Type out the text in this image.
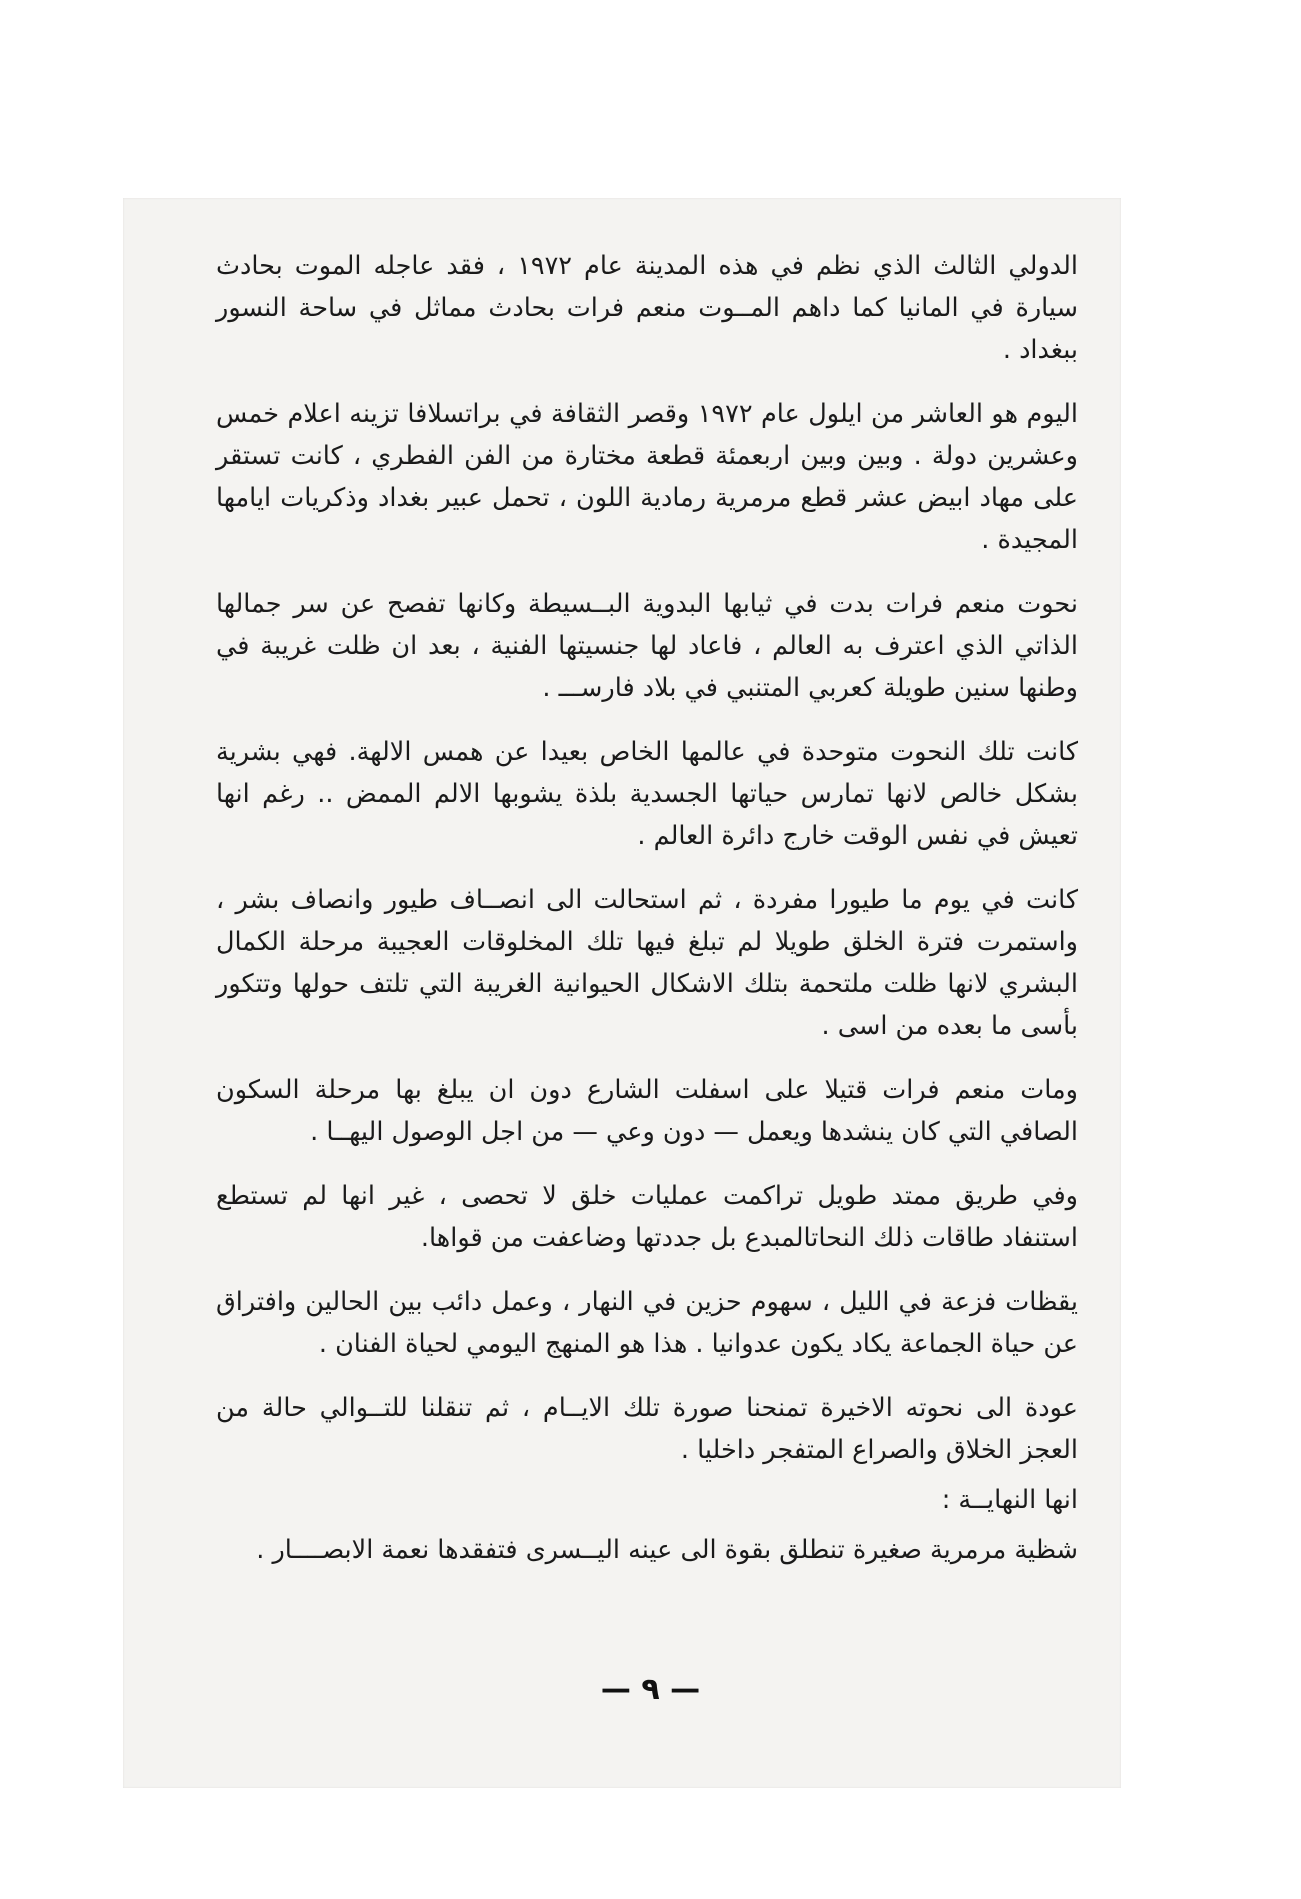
الدولي الثالث الذي نظم في هذه المدينة عام ١٩٧٢ ، فقد عاجله الموت بحادث سيارة في المانيا كما داهم المــوت منعم فرات بحادث مماثل في ساحة النسور ببغداد .

اليوم هو العاشر من ايلول عام ١٩٧٢ وقصر الثقافة في براتسلافا تزينه اعلام خمس وعشرين دولة . وبين وبين اربعمئة قطعة مختارة من الفن الفطري ، كانت تستقر على مهاد ابيض عشر قطع مرمرية رمادية اللون ، تحمل عبير بغداد وذكريات ايامها المجيدة .

نحوت منعم فرات بدت في ثيابها البدوية البــسيطة وكانها تفصح عن سر جمالها الذاتي الذي اعترف به العالم ، فاعاد لها جنسيتها الفنية ، بعد ان ظلت غريبة في وطنها سنين طويلة كعربي المتنبي في بلاد فارســـ .

كانت تلك النحوت متوحدة في عالمها الخاص بعيدا عن همس الالهة. فهي بشرية بشكل خالص لانها تمارس حياتها الجسدية بلذة يشوبها الالم الممض .. رغم انها تعيش في نفس الوقت خارج دائرة العالم .

كانت في يوم ما طيورا مفردة ، ثم استحالت الى انصــاف طيور وانصاف بشر ، واستمرت فترة الخلق طويلا لم تبلغ فيها تلك المخلوقات العجيبة مرحلة الكمال البشري لانها ظلت ملتحمة بتلك الاشكال الحيوانية الغريبة التي تلتف حولها وتتكور بأسى ما بعده من اسى .

ومات منعم فرات قتيلا على اسفلت الشارع دون ان يبلغ بها مرحلة السكون الصافي التي كان ينشدها ويعمل — دون وعي — من اجل الوصول اليهــا .

وفي طريق ممتد طويل تراكمت عمليات خلق لا تحصى ، غير انها لم تستطع استنفاد طاقات ذلك النحاتالمبدع بل جددتها وضاعفت من قواها.

يقظات فزعة في الليل ، سهوم حزين في النهار ، وعمل دائب بين الحالين وافتراق عن حياة الجماعة يكاد يكون عدوانيا . هذا هو المنهج اليومي لحياة الفنان .

عودة الى نحوته الاخيرة تمنحنا صورة تلك الايــام ، ثم تنقلنا للتــوالي حالة من العجز الخلاق والصراع المتفجر داخليا .

انها النهايــة :

شظية مرمرية صغيرة تنطلق بقوة الى عينه اليــسرى فتفقدها نعمة الابصــــار .

— ٩ —
